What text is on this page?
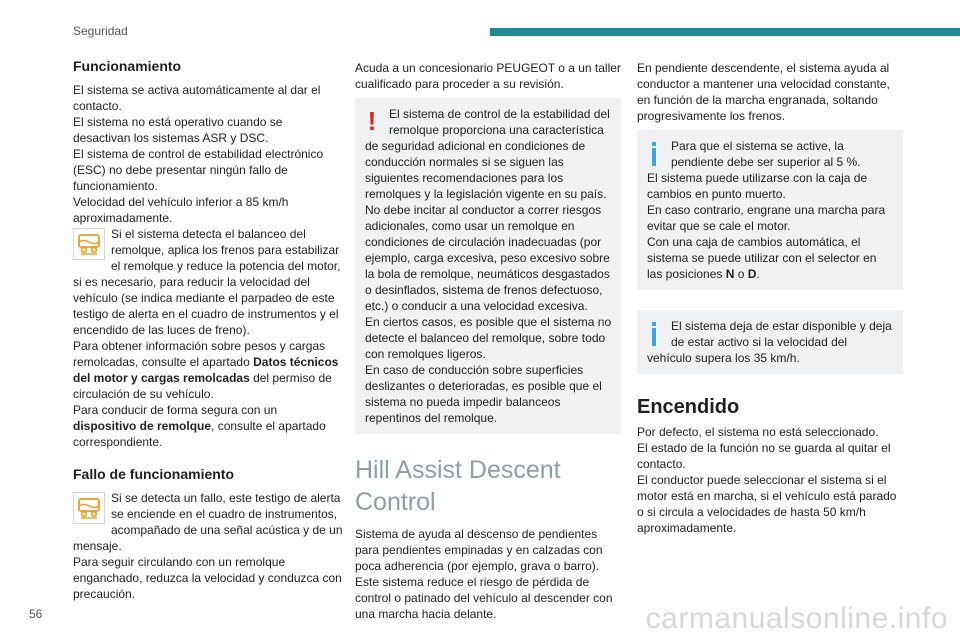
Seguridad
Funcionamiento

El sistema se activa automáticamente al dar el contacto.

El sistema no está operativo cuando se desactivan los sistemas ASR y DSC.

El sistema de control de estabilidad electrónico (ESC) no debe presentar ningún fallo de funcionamiento.

Velocidad del vehículo inferior a 85 km/h aproximadamente.

Si el sistema detecta el balanceo del remolque, aplica los frenos para estabilizar el remolque y reduce la potencia del motor, si es necesario, para reducir la velocidad del vehículo (se indica mediante el parpadeo de este testigo de alerta en el cuadro de instrumentos y el encendido de las luces de freno).

Para obtener información sobre pesos y cargas remolcadas, consulte el apartado Datos técnicos del motor y cargas remolcadas del permiso de circulación de su vehículo.

Para conducir de forma segura con un dispositivo de remolque, consulte el apartado correspondiente.

Fallo de funcionamiento

Si se detecta un fallo, este testigo de alerta se enciende en el cuadro de instrumentos, acompañado de una señal acústica y de un mensaje.

Para seguir circulando con un remolque enganchado, reduzca la velocidad y conduzca con precaución.

Acuda a un concesionario PEUGEOT o a un taller cualificado para proceder a su revisión.

!	El sistema de control de la estabilidad del remolque proporciona una característica de seguridad adicional en condiciones de conducción normales si se siguen las siguientes recomendaciones para los remolques y la legislación vigente en su país. No debe incitar al conductor a correr riesgos adicionales, como usar un remolque en condiciones de circulación inadecuadas (por ejemplo, carga excesiva, peso excesivo sobre la bola de remolque, neumáticos desgastados o desinflados, sistema de frenos defectuoso, etc.) o conducir a una velocidad excesiva.

En ciertos casos, es posible que el sistema no detecte el balanceo del remolque, sobre todo con remolques ligeros.

En caso de conducción sobre superficies deslizantes o deterioradas, es posible que el sistema no pueda impedir balanceos repentinos del remolque.

Hill Assist Descent Control

Sistema de ayuda al descenso de pendientes para pendientes empinadas y en calzadas con poca adherencia (por ejemplo, grava o barro).

Este sistema reduce el riesgo de pérdida de control o patinado del vehículo al descender con una marcha hacia delante.

En pendiente descendente, el sistema ayuda al conductor a mantener una velocidad constante, en función de la marcha engranada, soltando progresivamente los frenos.

Para que el sistema se active, la pendiente debe ser superior al 5 %.

El sistema puede utilizarse con la caja de cambios en punto muerto.

En caso contrario, engrane una marcha para evitar que se cale el motor.

Con una caja de cambios automática, el sistema se puede utilizar con el selector en las posiciones N o D.

El sistema deja de estar disponible y deja de estar activo si la velocidad del vehículo supera los 35 km/h.

Encendido

Por defecto, el sistema no está seleccionado.

El estado de la función no se guarda al quitar el contacto.

El conductor puede seleccionar el sistema si el motor está en marcha, si el vehículo está parado o si circula a velocidades de hasta 50 km/h aproximadamente.

56	carmanualsonline.info
